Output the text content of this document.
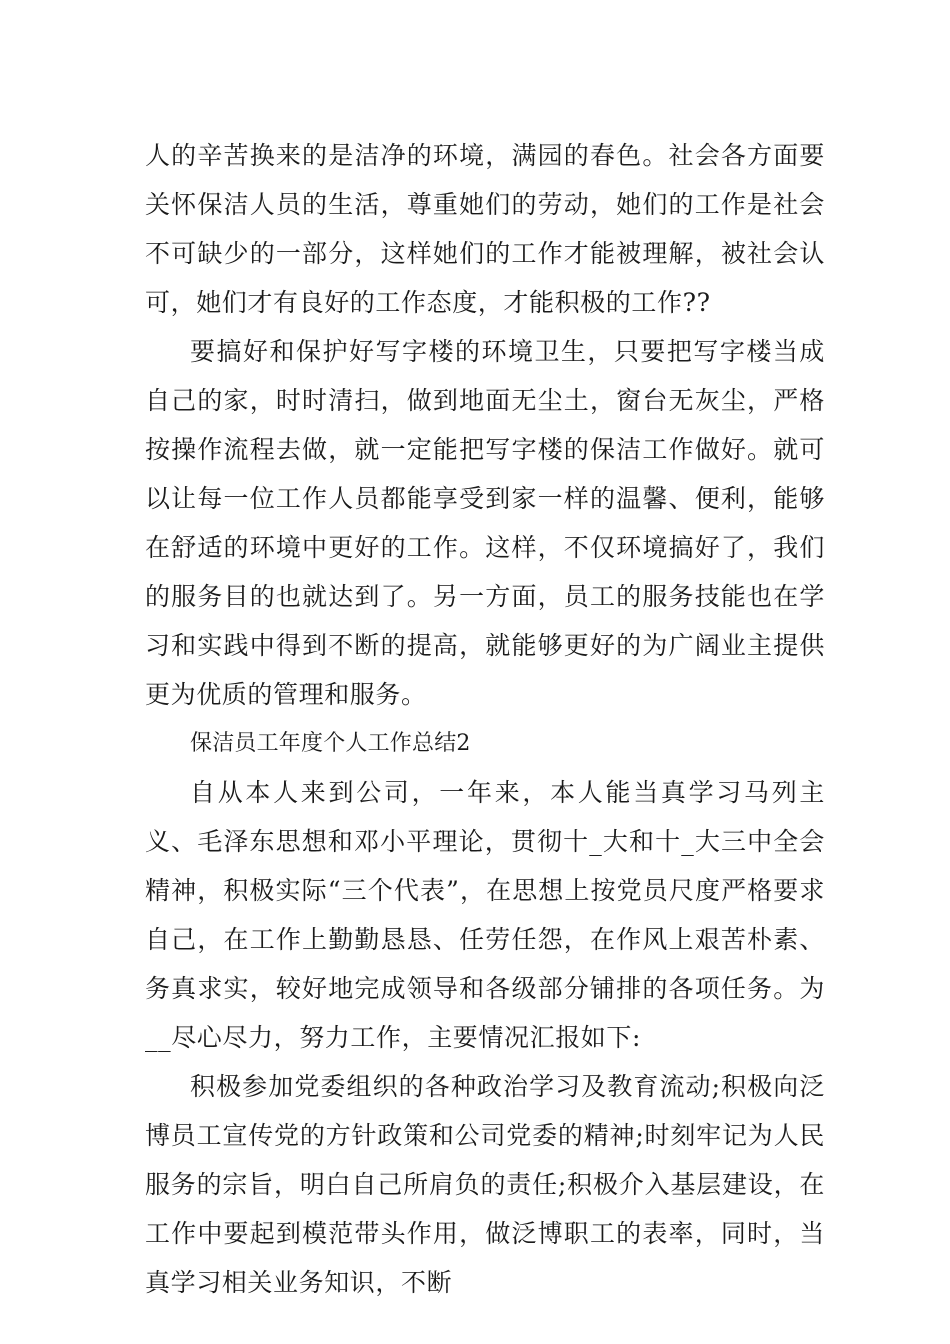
人的辛苦换来的是洁净的环境，满园的春色。社会各方面要关怀保洁人员的生活，尊重她们的劳动，她们的工作是社会不可缺少的一部分，这样她们的工作才能被理解，被社会认可，她们才有良好的工作态度，才能积极的工作??

要搞好和保护好写字楼的环境卫生，只要把写字楼当成自己的家，时时清扫，做到地面无尘土，窗台无灰尘，严格按操作流程去做，就一定能把写字楼的保洁工作做好。就可以让每一位工作人员都能享受到家一样的温馨、便利，能够在舒适的环境中更好的工作。这样，不仅环境搞好了，我们的服务目的也就达到了。另一方面，员工的服务技能也在学习和实践中得到不断的提高，就能够更好的为广阔业主提供更为优质的管理和服务。

保洁员工年度个人工作总结2

自从本人来到公司，一年来，本人能当真学习马列主义、毛泽东思想和邓小平理论，贯彻十_大和十_大三中全会精神，积极实际“三个代表”，在思想上按党员尺度严格要求自己，在工作上勤勤恳恳、任劳任怨，在作风上艰苦朴素、务真求实，较好地完成领导和各级部分铺排的各项任务。为__尽心尽力，努力工作，主要情况汇报如下:

积极参加党委组织的各种政治学习及教育流动;积极向泛博员工宣传党的方针政策和公司党委的精神;时刻牢记为人民服务的宗旨，明白自己所肩负的责任;积极介入基层建设，在工作中要起到模范带头作用，做泛博职工的表率，同时，当真学习相关业务知识，不断
